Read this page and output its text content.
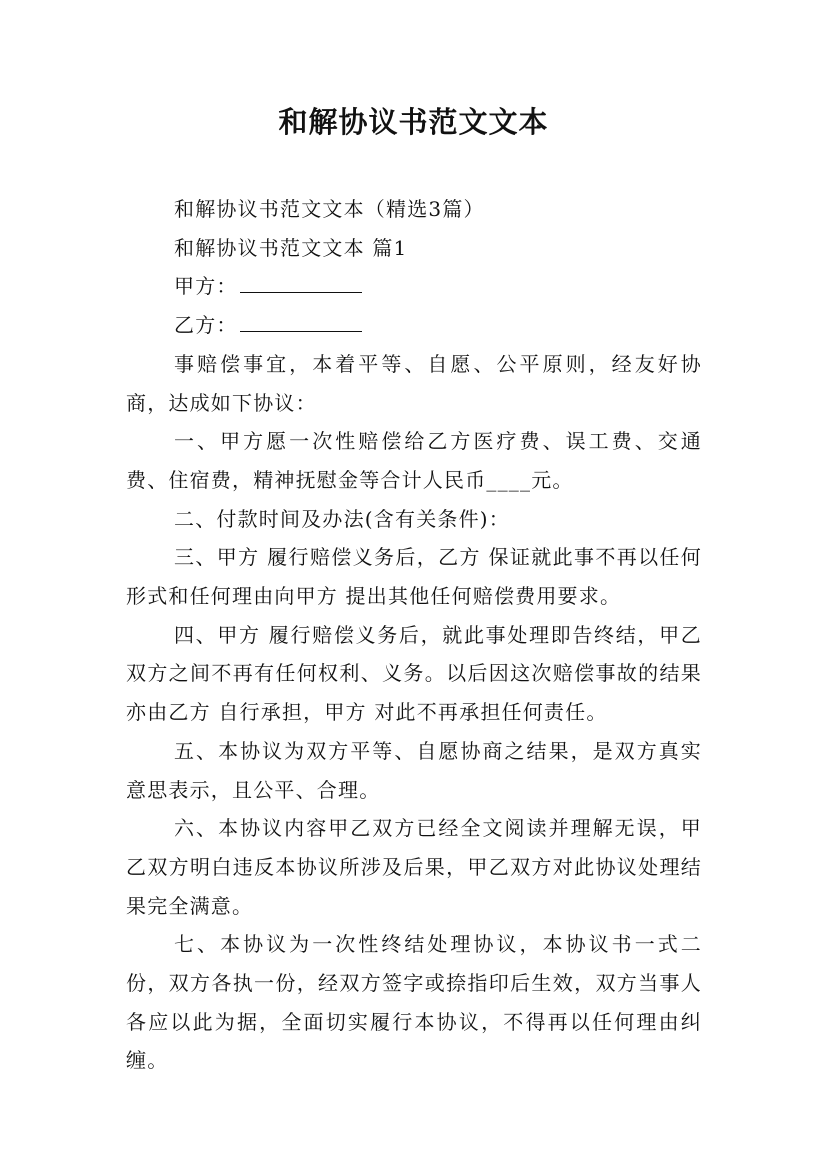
和解协议书范文文本

和解协议书范文文本（精选3篇）

和解协议书范文文本 篇1

甲方：

乙方：

事赔偿事宜，本着平等、自愿、公平原则，经友好协商，达成如下协议：

一、甲方愿一次性赔偿给乙方医疗费、误工费、交通费、住宿费，精神抚慰金等合计人民币____元。

二、付款时间及办法(含有关条件)：

三、甲方 履行赔偿义务后，乙方 保证就此事不再以任何形式和任何理由向甲方 提出其他任何赔偿费用要求。

四、甲方 履行赔偿义务后，就此事处理即告终结，甲乙双方之间不再有任何权利、义务。以后因这次赔偿事故的结果亦由乙方 自行承担，甲方 对此不再承担任何责任。

五、本协议为双方平等、自愿协商之结果，是双方真实意思表示，且公平、合理。

六、本协议内容甲乙双方已经全文阅读并理解无误，甲乙双方明白违反本协议所涉及后果，甲乙双方对此协议处理结果完全满意。

七、本协议为一次性终结处理协议，本协议书一式二份，双方各执一份，经双方签字或捺指印后生效，双方当事人各应以此为据，全面切实履行本协议，不得再以任何理由纠缠。
